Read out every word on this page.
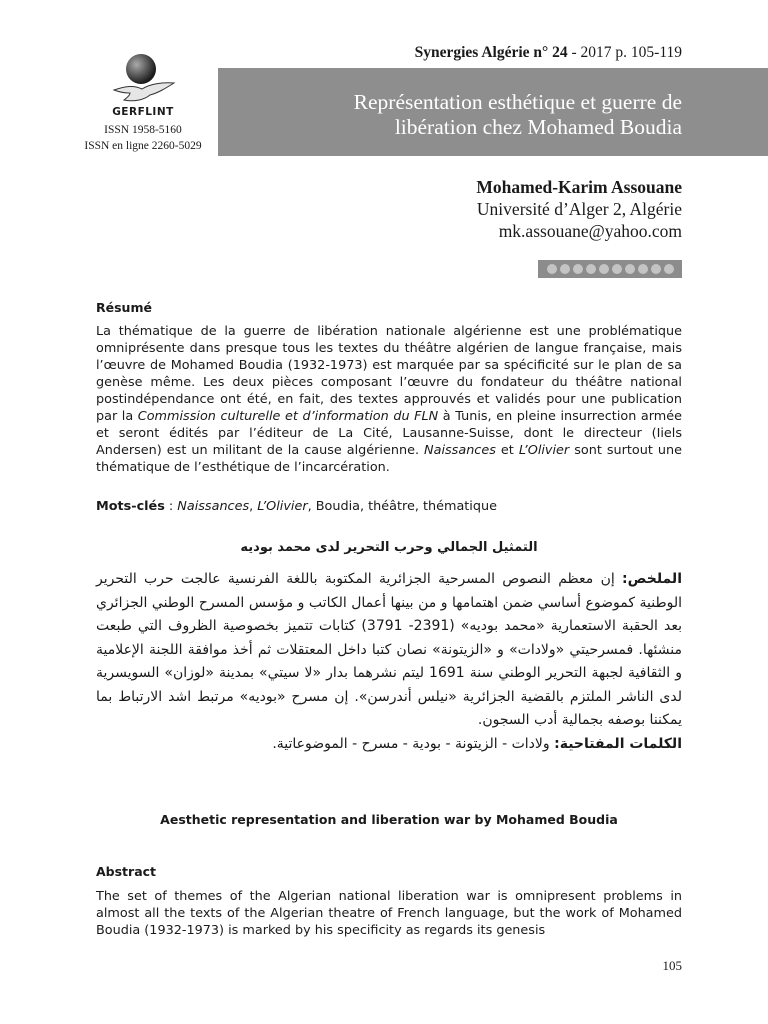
Synergies Algérie n° 24 - 2017 p. 105-119
Représentation esthétique et guerre de
libération chez Mohamed Boudia
GERFLINT
ISSN 1958-5160
ISSN en ligne 2260-5029
Mohamed-Karim Assouane
Université d’Alger 2, Algérie
mk.assouane@yahoo.com
Résumé

La thématique de la guerre de libération nationale algérienne est une problématique omniprésente dans presque tous les textes du théâtre algérien de langue française, mais l’œuvre de Mohamed Boudia (1932-1973) est marquée par sa spécificité sur le plan de sa genèse même. Les deux pièces composant l’œuvre du fondateur du théâtre national postindépendance ont été, en fait, des textes approuvés et validés pour une publication par la Commission culturelle et d’information du FLN à Tunis, en pleine insurrection armée et seront édités par l’éditeur de La Cité, Lausanne-Suisse, dont le directeur (Iiels Andersen) est un militant de la cause algérienne. Naissances et L’Olivier sont surtout une thématique de l’esthétique de l’incarcération.

Mots-clés : Naissances, L’Olivier, Boudia, théâtre, thématique
التمثيل الجمالي وحرب التحرير لدى محمد بوديه
الملخص: إن معظم النصوص المسرحية الجزائرية المكتوبة باللغة الفرنسية عالجت حرب التحرير الوطنية كموضوع أساسي ضمن اهتمامها و من بينها أعمال الكاتب و مؤسس المسرح الوطني الجزائري بعد الحقبة الاستعمارية «محمد بوديه» (2391- 3791) كتابات تتميز بخصوصية الظروف التي طبعت منشئها. فمسرحيتي «ولادات» و «الزيتونة» نصان كتبا داخل المعتقلات ثم أخذ موافقة اللجنة الإعلامية و الثقافية لجبهة التحرير الوطني سنة 1691 ليتم نشرهما بدار «لا سيتي» بمدينة «لوزان» السويسرية لدى الناشر الملتزم بالقضية الجزائرية «نيلس أندرسن». إن مسرح «بوديه» مرتبط اشد الارتباط بما يمكننا بوصفه بجمالية أدب السجون.
الكلمات المفتاحية: ولادات - الزيتونة - بودية - مسرح - الموضوعاتية.
Aesthetic representation and liberation war by Mohamed Boudia
Abstract
The set of themes of the Algerian national liberation war is omnipresent problems in almost all the texts of the Algerian theatre of French language, but the work of Mohamed Boudia (1932-1973) is marked by his specificity as regards its genesis
105
